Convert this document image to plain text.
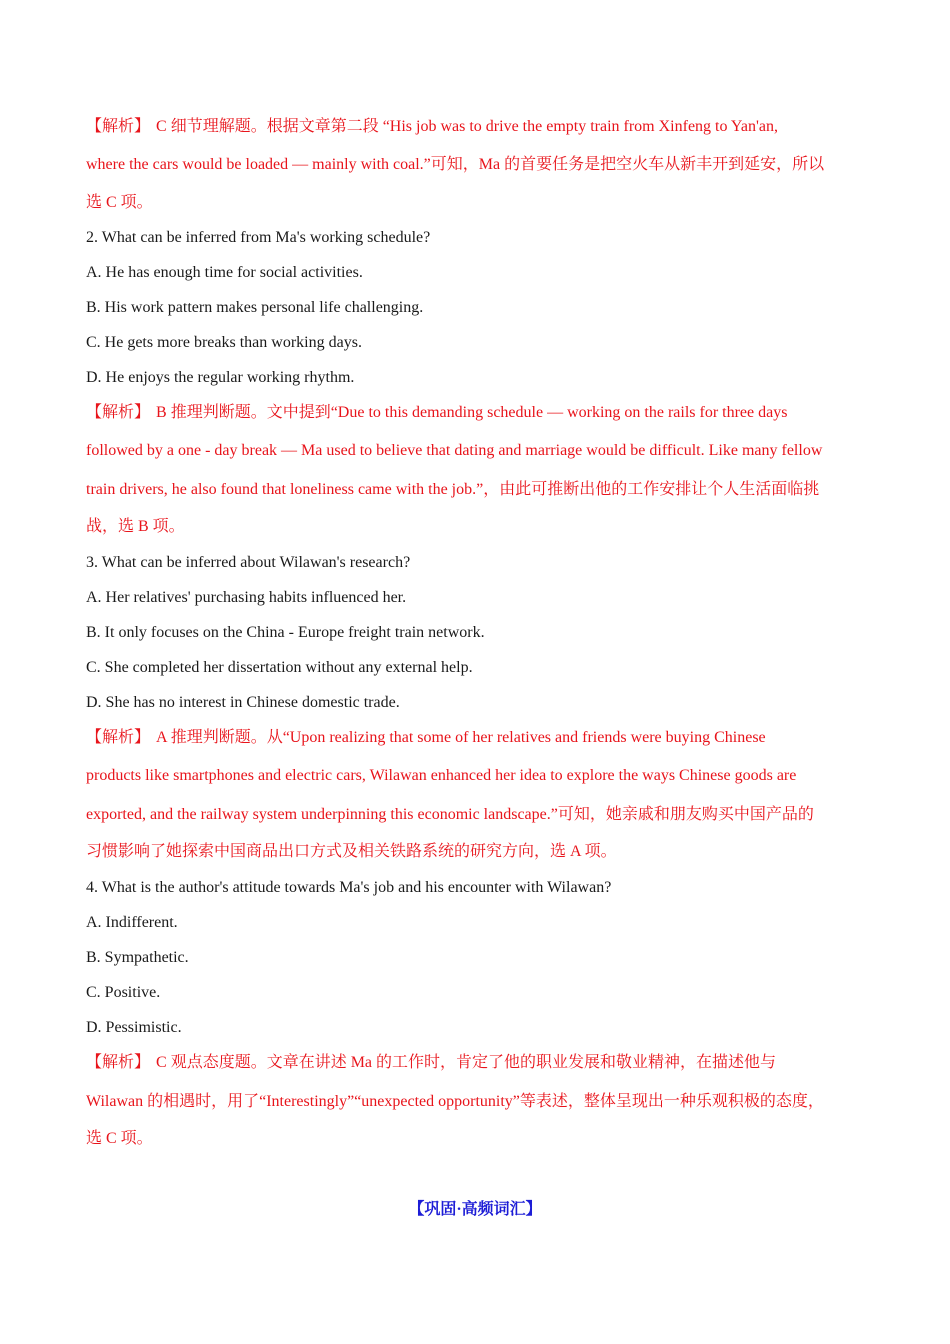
【解析】 C 细节理解题。根据文章第二段 “His job was to drive the empty train from Xinfeng to Yan'an,
where the cars would be loaded — mainly with coal.”可知，Ma 的首要任务是把空火车从新丰开到延安，所以
选 C 项。
2. What can be inferred from Ma's working schedule?
A. He has enough time for social activities.
B. His work pattern makes personal life challenging.
C. He gets more breaks than working days.
D. He enjoys the regular working rhythm.
【解析】 B 推理判断题。文中提到“Due to this demanding schedule — working on the rails for three days
followed by a one - day break — Ma used to believe that dating and marriage would be difficult. Like many fellow
train drivers, he also found that loneliness came with the job.”，由此可推断出他的工作安排让个人生活面临挑
战，选 B 项。
3. What can be inferred about Wilawan's research?
A. Her relatives' purchasing habits influenced her.
B. It only focuses on the China - Europe freight train network.
C. She completed her dissertation without any external help.
D. She has no interest in Chinese domestic trade.
【解析】 A 推理判断题。从“Upon realizing that some of her relatives and friends were buying Chinese
products like smartphones and electric cars, Wilawan enhanced her idea to explore the ways Chinese goods are
exported, and the railway system underpinning this economic landscape.”可知，她亲戚和朋友购买中国产品的
习惯影响了她探索中国商品出口方式及相关铁路系统的研究方向，选 A 项。
4. What is the author's attitude towards Ma's job and his encounter with Wilawan?
A. Indifferent.
B. Sympathetic.
C. Positive.
D. Pessimistic.
【解析】 C 观点态度题。文章在讲述 Ma 的工作时，肯定了他的职业发展和敬业精神，在描述他与
Wilawan 的相遇时，用了“Interestingly”“unexpected opportunity”等表述，整体呈现出一种乐观积极的态度，
选 C 项。
【巩固·高频词汇】
